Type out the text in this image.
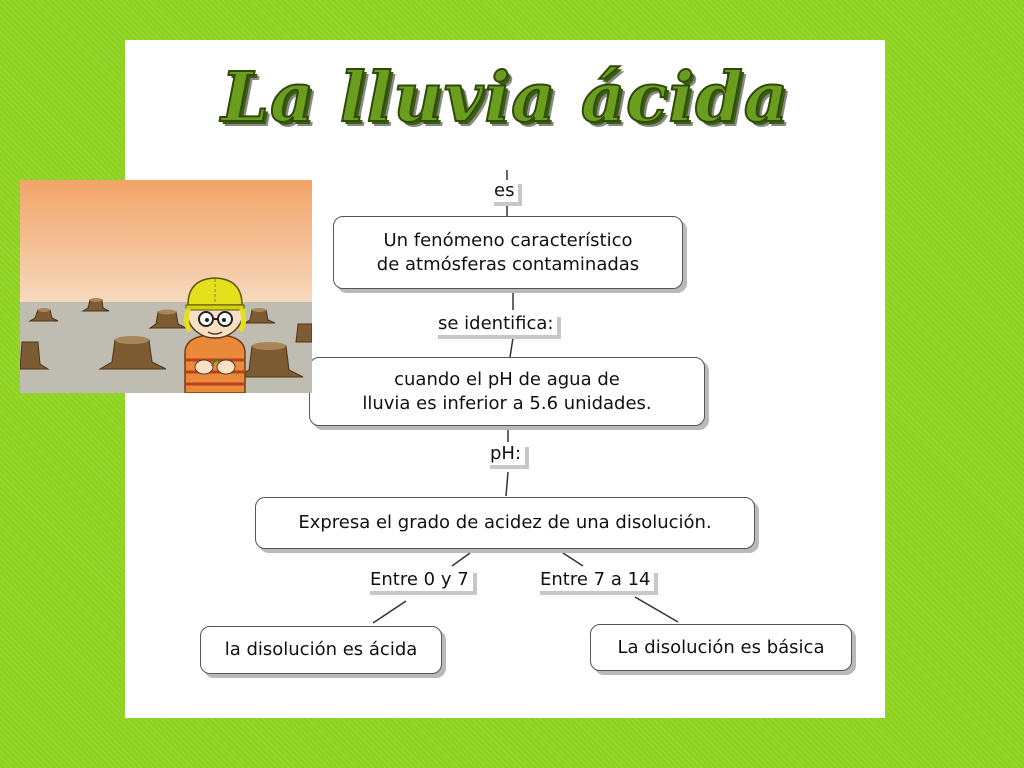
La lluvia ácida
es
Un fenómeno característico
de atmósferas contaminadas
se identifica:
cuando el pH de agua de
lluvia es inferior a 5.6 unidades.
pH:
Expresa el grado de acidez de una disolución.
Entre 0 y 7	Entre 7 a 14
la disolución es ácida	La disolución es básica
